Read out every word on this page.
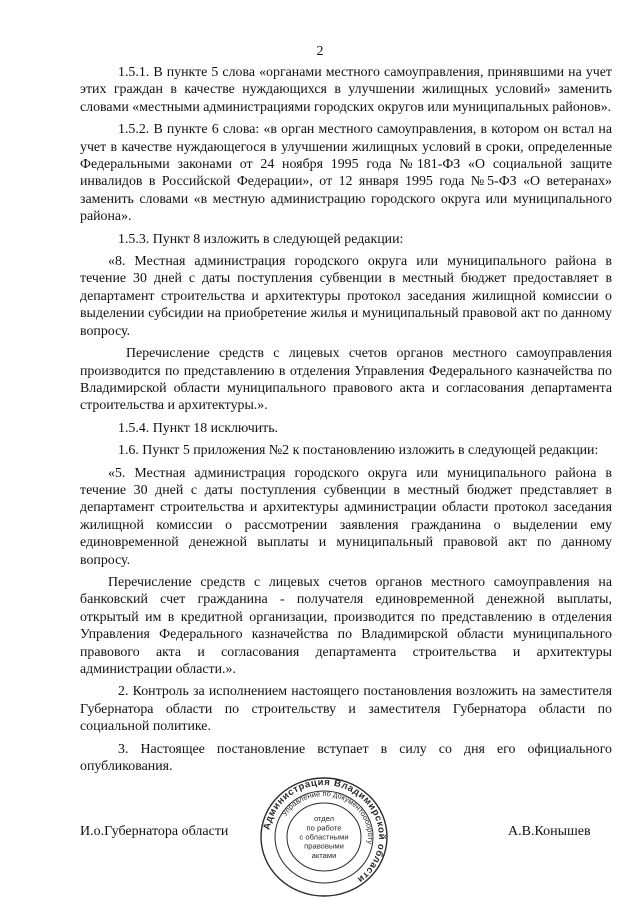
2

1.5.1. В пункте 5 слова «органами местного самоуправления, принявшими на учет этих граждан в качестве нуждающихся в улучшении жилищных условий» заменить словами «местными администрациями городских округов или муниципальных районов».

1.5.2. В пункте 6 слова: «в орган местного самоуправления, в котором он встал на учет в качестве нуждающегося в улучшении жилищных условий в сроки, определенные Федеральными законами от 24 ноября 1995 года №181-ФЗ «О социальной защите инвалидов в Российской Федерации», от 12 января 1995 года №5-ФЗ «О ветеранах» заменить словами «в местную администрацию городского округа или муниципального района».

1.5.3. Пункт 8 изложить в следующей редакции:

«8. Местная администрация городского округа или муниципального района в течение 30 дней с даты поступления субвенции в местный бюджет предоставляет в департамент строительства и архитектуры протокол заседания жилищной комиссии о выделении субсидии на приобретение жилья и муниципальный правовой акт по данному вопросу.

Перечисление средств с лицевых счетов органов местного самоуправления производится по представлению в отделения Управления Федерального казначейства по Владимирской области муниципального правового акта и согласования департамента строительства и архитектуры.».

1.5.4. Пункт 18 исключить.

1.6. Пункт 5 приложения №2 к постановлению изложить в следующей редакции:

«5. Местная администрация городского округа или муниципального района в течение 30 дней с даты поступления субвенции в местный бюджет представляет в департамент строительства и архитектуры администрации области протокол заседания жилищной комиссии о рассмотрении заявления гражданина о выделении ему единовременной денежной выплаты и муниципальный правовой акт по данному вопросу.

Перечисление средств с лицевых счетов органов местного самоуправления на банковский счет гражданина - получателя единовременной денежной выплаты, открытый им в кредитной организации, производится по представлению в отделения Управления Федерального казначейства по Владимирской области муниципального правового акта и согласования департамента строительства и архитектуры администрации области.».

2. Контроль за исполнением настоящего постановления возложить на заместителя Губернатора области по строительству и заместителя Губернатора области по социальной политике.

3. Настоящее постановление вступает в силу со дня его официального опубликования.

И.о.Губернатора области	А.В.Конышев
Администрация Владимирской области
Управление по документообороту
отдел
по работе
с областными
правовыми
актами
